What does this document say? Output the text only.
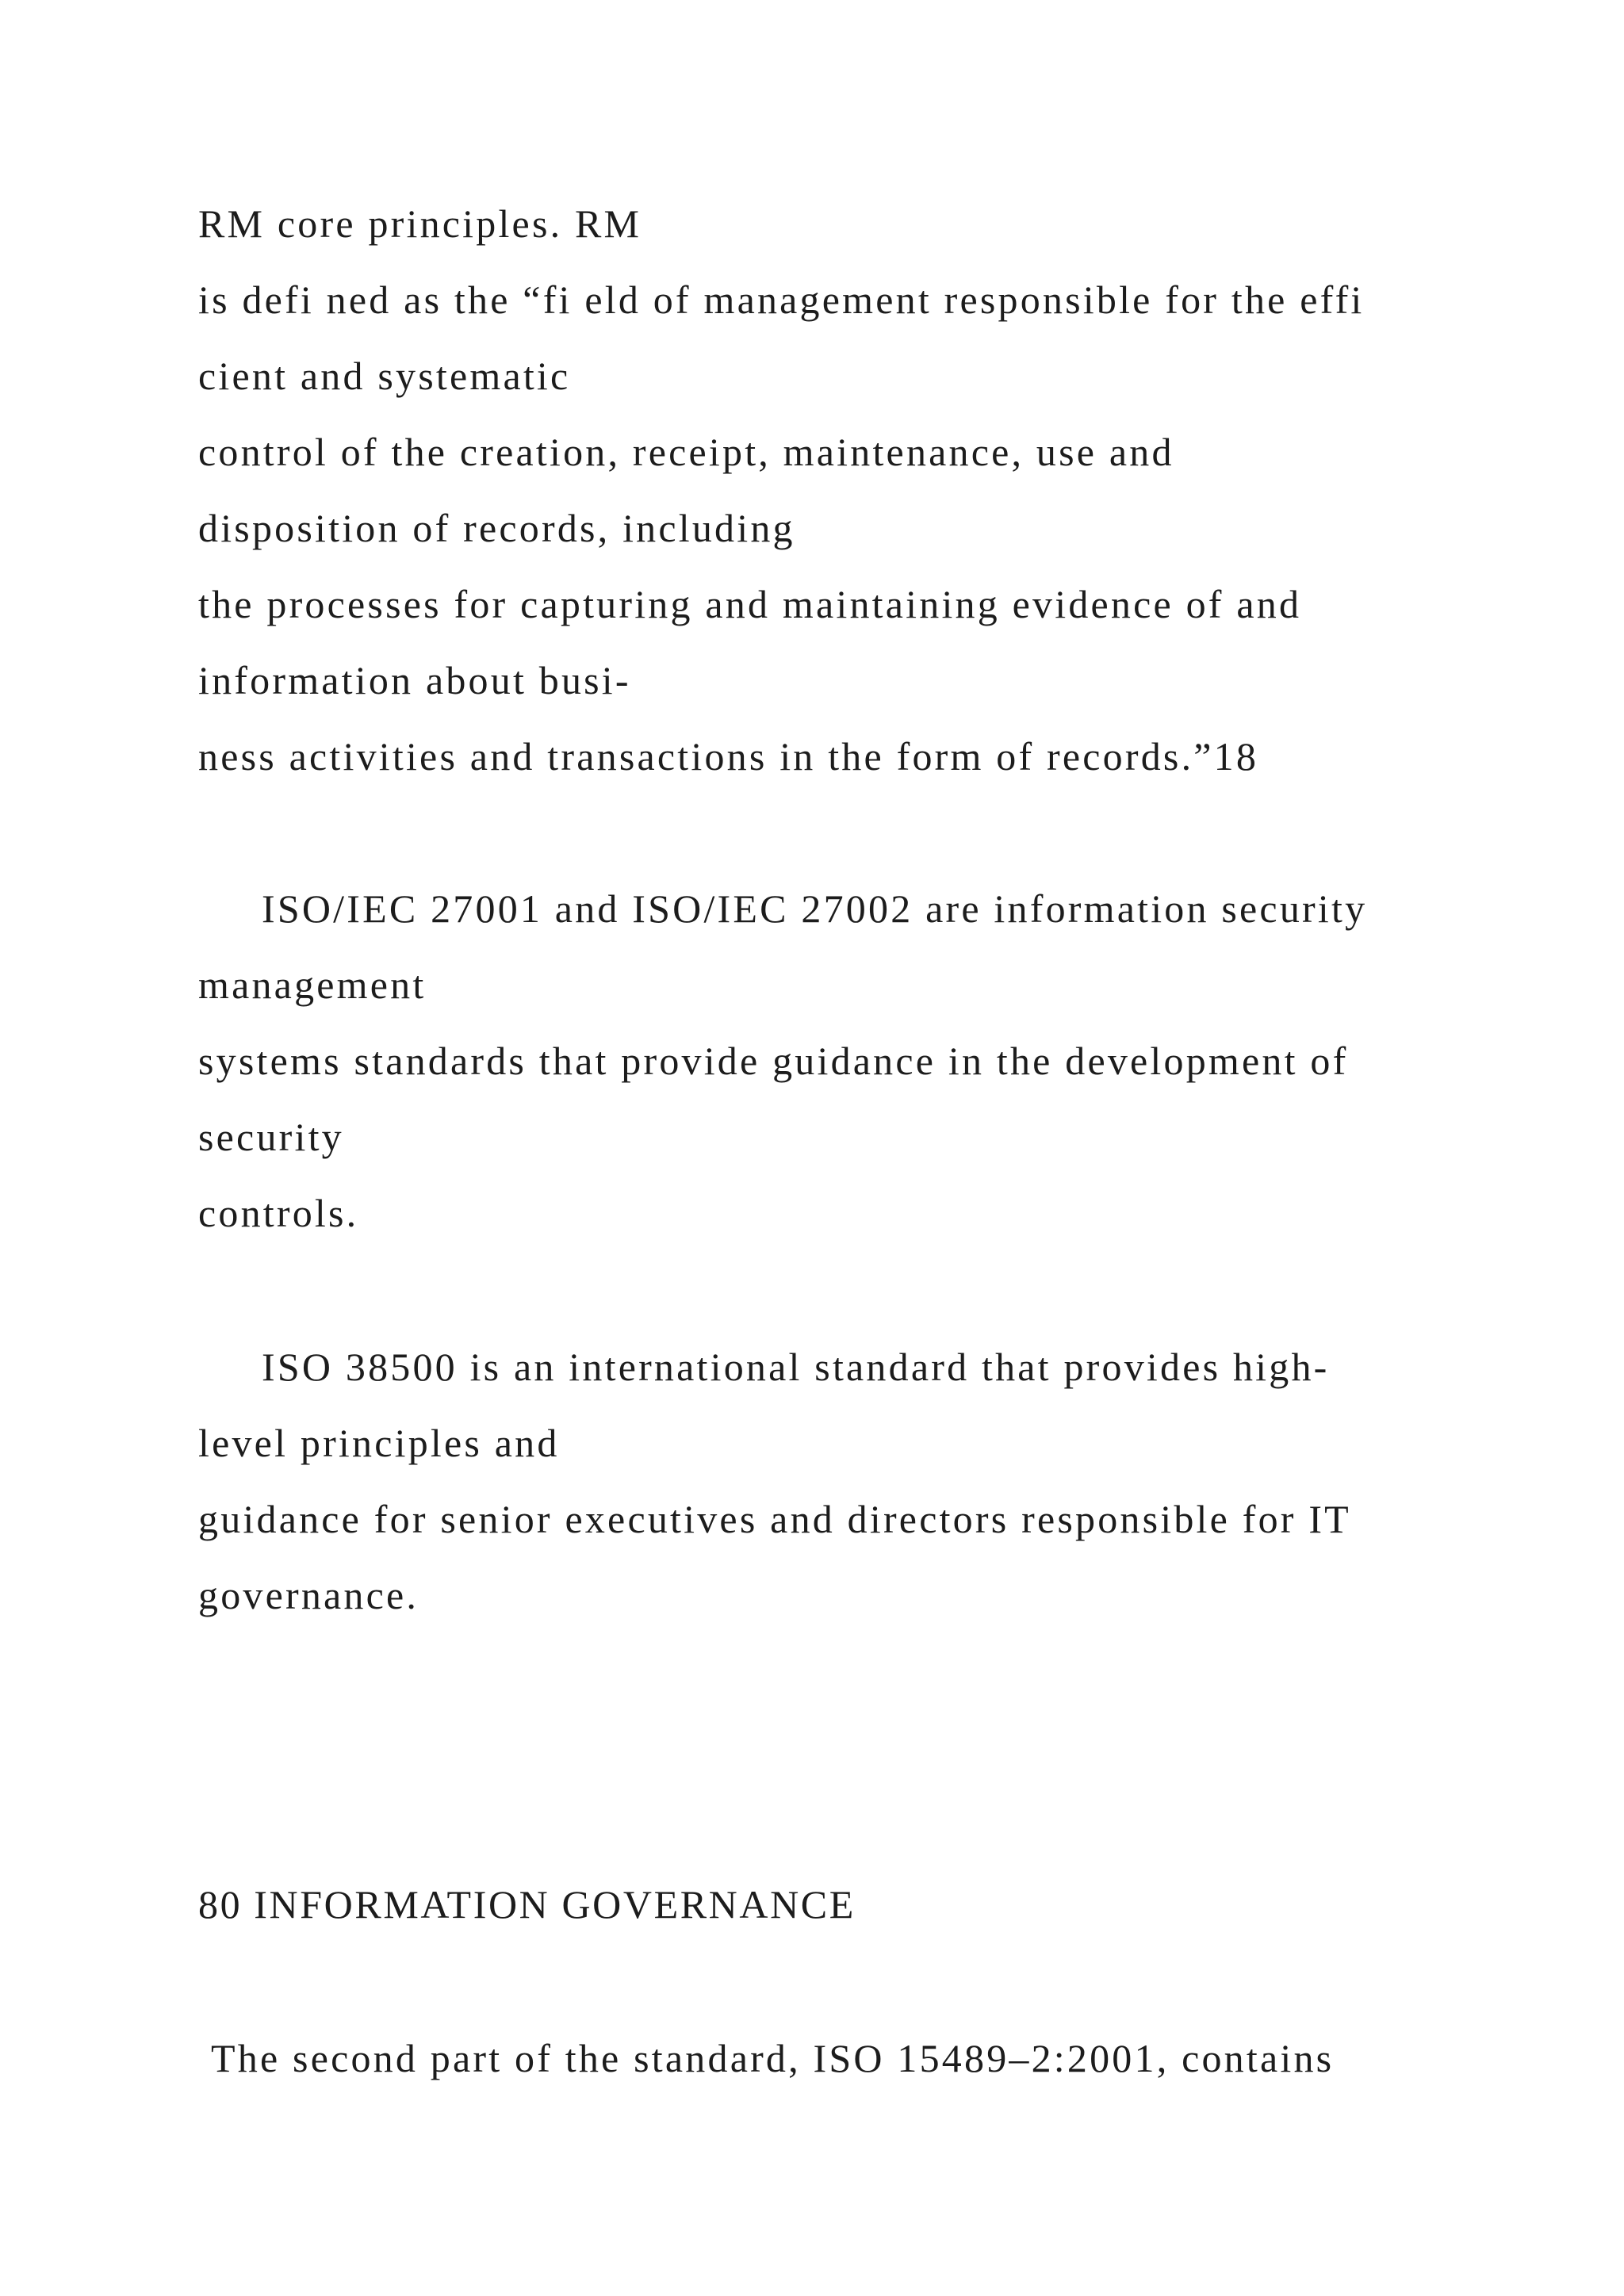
RM core principles. RM

is defi ned as the “fi eld of management responsible for the effi

cient and systematic

control of the creation, receipt, maintenance, use and

disposition of records, including

the processes for capturing and maintaining evidence of and

information about busi-

ness activities and transactions in the form of records.”18

ISO/IEC 27001 and ISO/IEC 27002 are information security

management

systems standards that provide guidance in the development of

security

controls.

ISO 38500 is an international standard that provides high-

level principles and

guidance for senior executives and directors responsible for IT

governance.

80 INFORMATION GOVERNANCE

The second part of the standard, ISO 15489–2:2001, contains
